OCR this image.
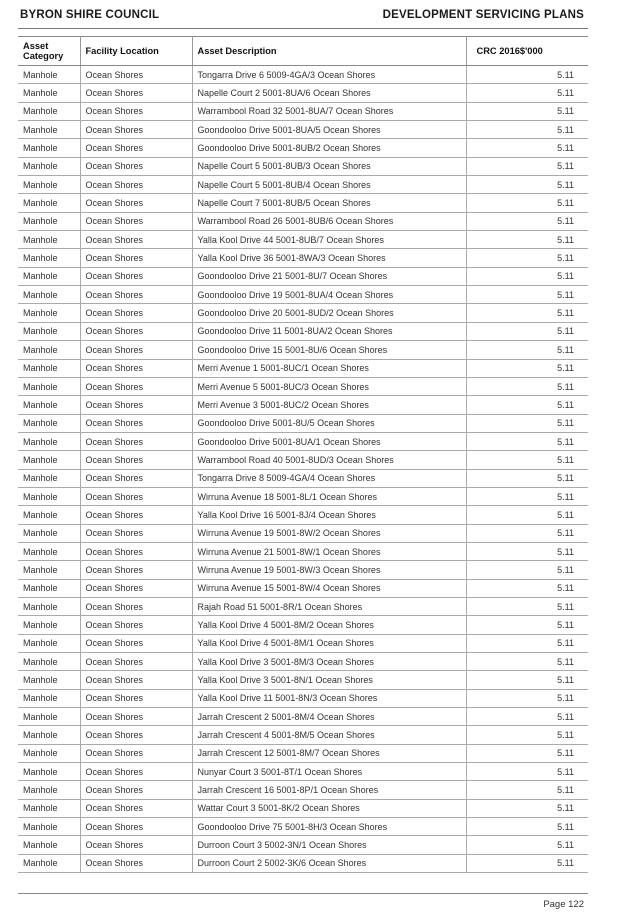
BYRON SHIRE COUNCIL	DEVELOPMENT SERVICING PLANS
Asset Category	Facility Location	Asset Description	CRC 2016$'000
Manhole	Ocean Shores	Tongarra Drive 6 5009-4GA/3 Ocean Shores	5.11
Manhole	Ocean Shores	Napelle Court 2 5001-8UA/6 Ocean Shores	5.11
Manhole	Ocean Shores	Warrambool Road 32 5001-8UA/7 Ocean Shores	5.11
Manhole	Ocean Shores	Goondooloo Drive 5001-8UA/5 Ocean Shores	5.11
Manhole	Ocean Shores	Goondooloo Drive 5001-8UB/2 Ocean Shores	5.11
Manhole	Ocean Shores	Napelle Court 5 5001-8UB/3 Ocean Shores	5.11
Manhole	Ocean Shores	Napelle Court 5 5001-8UB/4 Ocean Shores	5.11
Manhole	Ocean Shores	Napelle Court 7 5001-8UB/5 Ocean Shores	5.11
Manhole	Ocean Shores	Warrambool Road 26 5001-8UB/6 Ocean Shores	5.11
Manhole	Ocean Shores	Yalla Kool Drive 44 5001-8UB/7 Ocean Shores	5.11
Manhole	Ocean Shores	Yalla Kool Drive 36 5001-8WA/3 Ocean Shores	5.11
Manhole	Ocean Shores	Goondooloo Drive 21 5001-8U/7 Ocean Shores	5.11
Manhole	Ocean Shores	Goondooloo Drive 19 5001-8UA/4 Ocean Shores	5.11
Manhole	Ocean Shores	Goondooloo Drive 20 5001-8UD/2 Ocean Shores	5.11
Manhole	Ocean Shores	Goondooloo Drive 11 5001-8UA/2 Ocean Shores	5.11
Manhole	Ocean Shores	Goondooloo Drive 15 5001-8U/6 Ocean Shores	5.11
Manhole	Ocean Shores	Merri Avenue 1 5001-8UC/1 Ocean Shores	5.11
Manhole	Ocean Shores	Merri Avenue 5 5001-8UC/3 Ocean Shores	5.11
Manhole	Ocean Shores	Merri Avenue 3 5001-8UC/2 Ocean Shores	5.11
Manhole	Ocean Shores	Goondooloo Drive 5001-8U/5 Ocean Shores	5.11
Manhole	Ocean Shores	Goondooloo Drive 5001-8UA/1 Ocean Shores	5.11
Manhole	Ocean Shores	Warrambool Road 40 5001-8UD/3 Ocean Shores	5.11
Manhole	Ocean Shores	Tongarra Drive 8 5009-4GA/4 Ocean Shores	5.11
Manhole	Ocean Shores	Wirruna Avenue 18 5001-8L/1 Ocean Shores	5.11
Manhole	Ocean Shores	Yalla Kool Drive 16 5001-8J/4 Ocean Shores	5.11
Manhole	Ocean Shores	Wirruna Avenue 19 5001-8W/2 Ocean Shores	5.11
Manhole	Ocean Shores	Wirruna Avenue 21 5001-8W/1 Ocean Shores	5.11
Manhole	Ocean Shores	Wirruna Avenue 19 5001-8W/3 Ocean Shores	5.11
Manhole	Ocean Shores	Wirruna Avenue 15 5001-8W/4 Ocean Shores	5.11
Manhole	Ocean Shores	Rajah Road 51 5001-8R/1 Ocean Shores	5.11
Manhole	Ocean Shores	Yalla Kool Drive 4 5001-8M/2 Ocean Shores	5.11
Manhole	Ocean Shores	Yalla Kool Drive 4 5001-8M/1 Ocean Shores	5.11
Manhole	Ocean Shores	Yalla Kool Drive 3 5001-8M/3 Ocean Shores	5.11
Manhole	Ocean Shores	Yalla Kool Drive 3 5001-8N/1 Ocean Shores	5.11
Manhole	Ocean Shores	Yalla Kool Drive 11 5001-8N/3 Ocean Shores	5.11
Manhole	Ocean Shores	Jarrah Crescent 2 5001-8M/4 Ocean Shores	5.11
Manhole	Ocean Shores	Jarrah Crescent 4 5001-8M/5 Ocean Shores	5.11
Manhole	Ocean Shores	Jarrah Crescent 12 5001-8M/7 Ocean Shores	5.11
Manhole	Ocean Shores	Nunyar Court 3 5001-8T/1 Ocean Shores	5.11
Manhole	Ocean Shores	Jarrah Crescent 16 5001-8P/1 Ocean Shores	5.11
Manhole	Ocean Shores	Wattar Court 3 5001-8K/2 Ocean Shores	5.11
Manhole	Ocean Shores	Goondooloo Drive 75 5001-8H/3 Ocean Shores	5.11
Manhole	Ocean Shores	Durroon Court 3 5002-3N/1 Ocean Shores	5.11
Manhole	Ocean Shores	Durroon Court 2 5002-3K/6 Ocean Shores	5.11
Page 122
